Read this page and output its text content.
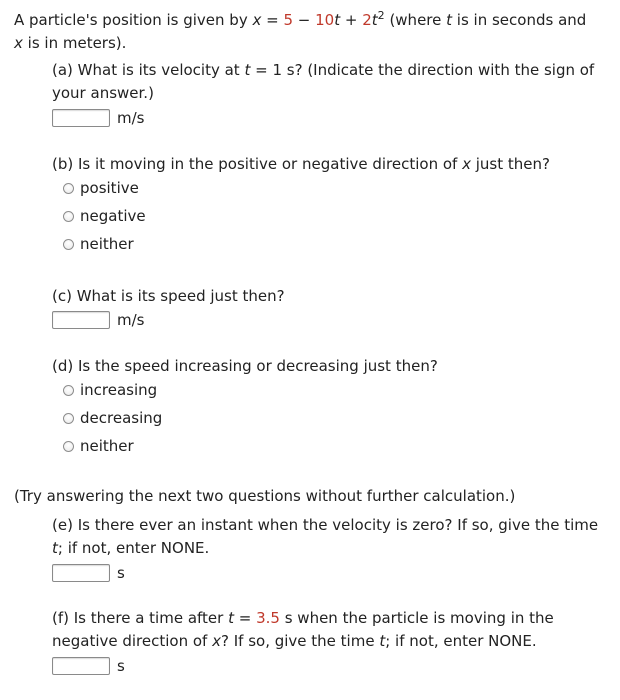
A particle's position is given by $x = 5 - 10t + 2t^2$ (where t is in seconds and
x is in meters).
(a) What is its velocity at t = 1 s? (Indicate the direction with the sign of your answer.)
m/s
(b) Is it moving in the positive or negative direction of x just then?
positive
negative
neither
(c) What is its speed just then?
m/s
(d) Is the speed increasing or decreasing just then?
increasing
decreasing
neither
(Try answering the next two questions without further calculation.)
(e) Is there ever an instant when the velocity is zero? If so, give the time t; if not, enter NONE.
s
(f) Is there a time after t = 3.5 s when the particle is moving in the negative direction of x? If so, give the time t; if not, enter NONE.
s
